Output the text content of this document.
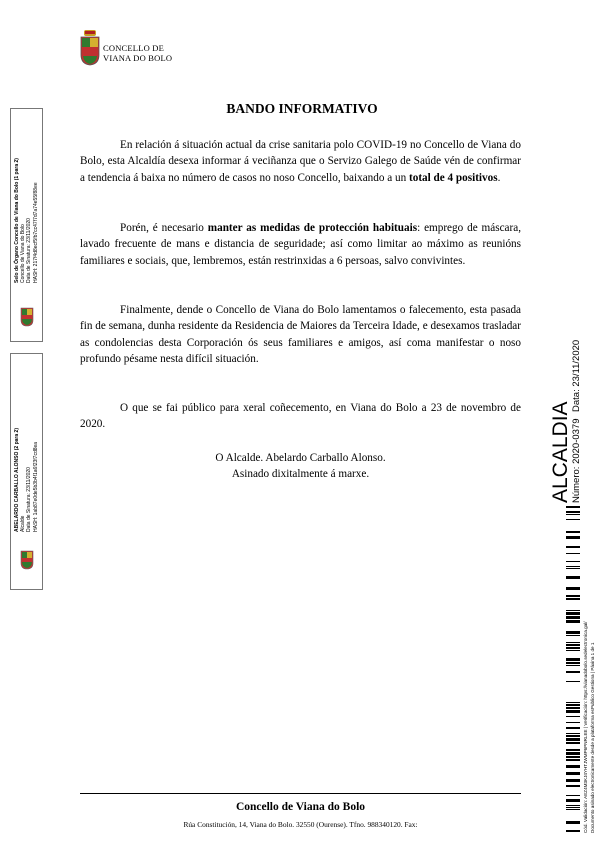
CONCELLO DE
VIANA DO BOLO
BANDO INFORMATIVO
En relación á situación actual da crise sanitaria polo COVID-19 no Concello de Viana do Bolo, esta Alcaldía desexa informar á veciñanza que o Servizo Galego de Saúde vén de confirmar a tendencia á baixa no número de casos no noso Concello, baixando a un total de 4 positivos.
Porén, é necesario manter as medidas de protección habituais: emprego de máscara, lavado frecuente de mans e distancia de seguridade; así como limitar ao máximo as reunións familiares e sociais, que, lembremos, están restrinxidas a 6 persoas, salvo convivintes.
Finalmente, dende o Concello de Viana do Bolo lamentamos o falecemento, esta pasada fin de semana, dunha residente da Residencia de Maiores da Terceira Idade, e desexamos trasladar as condolencias desta Corporación ós seus familiares e amigos, así coma manifestar o noso profundo pésame nesta difícil situación.
O que se fai público para xeral coñecemento, en Viana do Bolo a 23 de novembro de 2020.
O Alcalde. Abelardo Carballo Alonso.
Asinado dixitalmente á marxe.
Selo de Órgano Concello de Viana do Bolo (1 para 2) Concello de Viana do Bolo Data de Sinatura: 23/11/2020 HASH: 217f4d8ecf5fb7cc47f7d7a74e55f88ee
ABELARDO CARBALLO ALONSO (2 para 2) Alcalde Data de Sinatura: 23/11/2020 HASH: 1ab87e0de5b3b4f1a6f23f7cd8ea	ALCALDIA Número: 2020-0379
Data: 23/11/2020
Cód. Validación: AEZ4M3KJ4YHTJWMP6PNRLEE | Verificación: https://vianadobolo.sedelectronica.gal/ Documento asinado electronicamente desde a plataforma esPublico Gestiona | Páxina 1 de 1
Concello de Viana do Bolo
Rúa Constitución, 14, Viana do Bolo. 32550 (Ourense). Tfno. 988340120. Fax:
